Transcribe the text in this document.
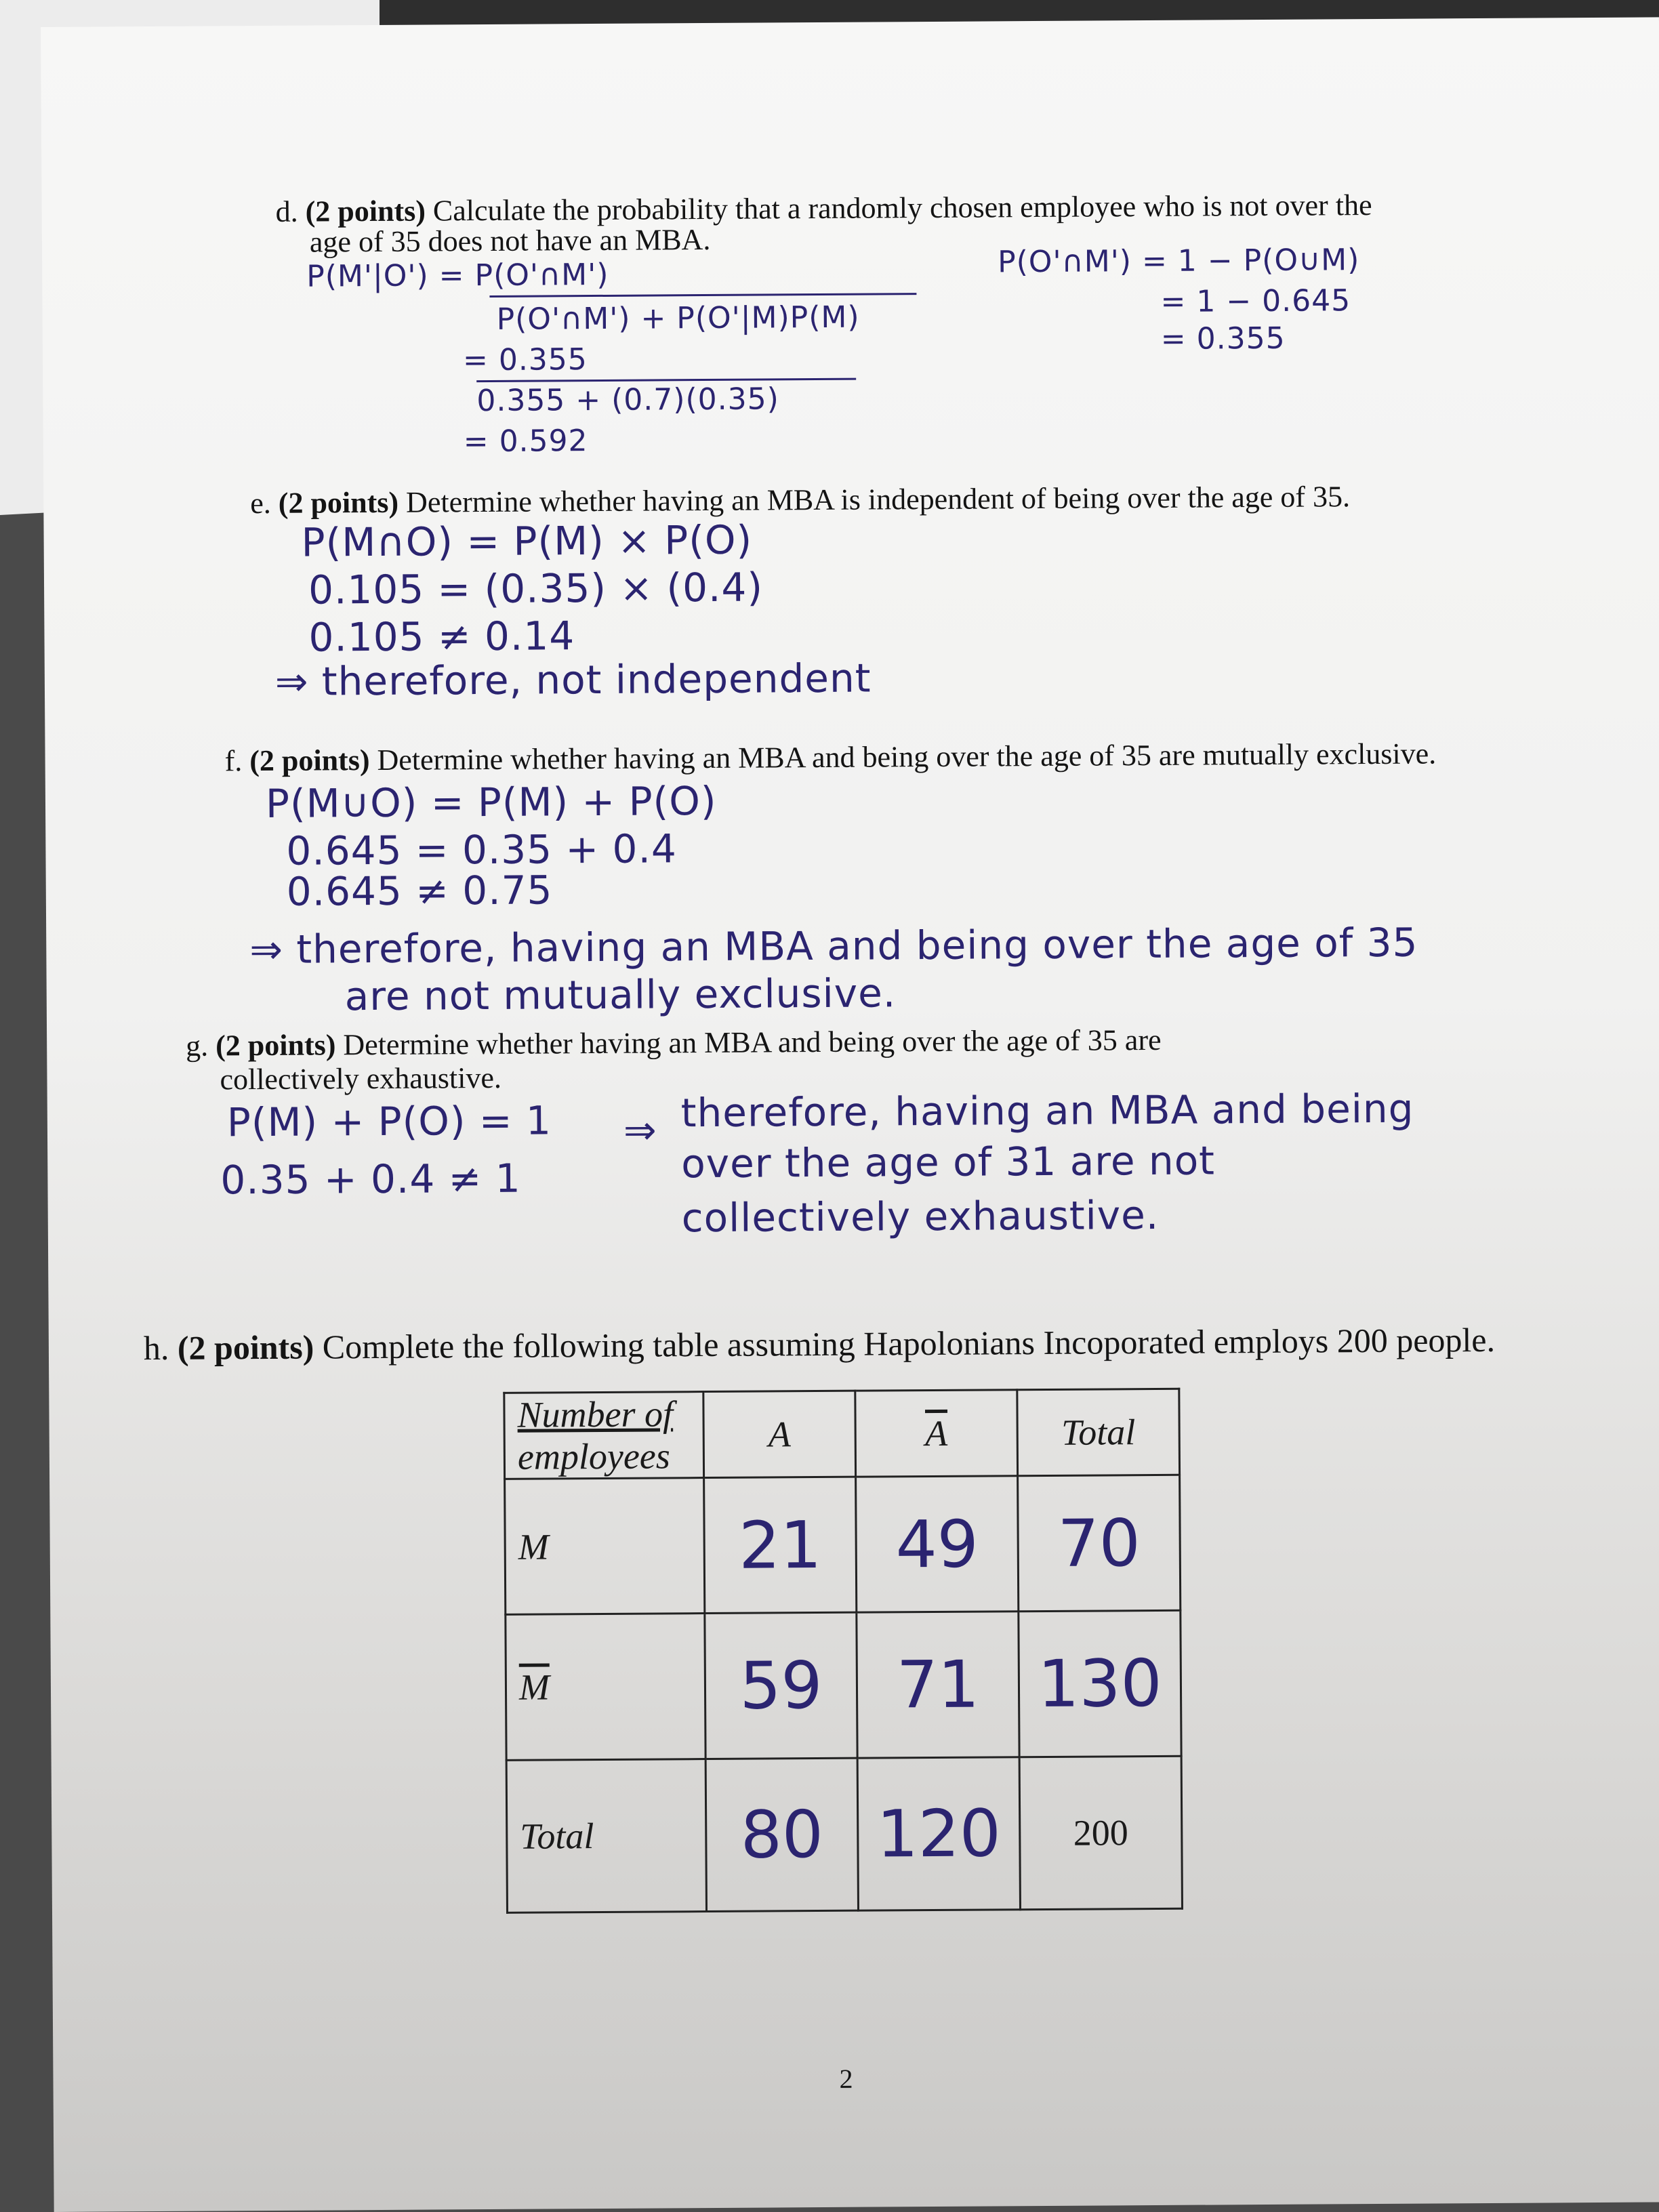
d. (2 points) Calculate the probability that a randomly chosen employee who is not over the
age of 35 does not have an MBA.
P(M'|O') = P(O'∩M')
P(O'∩M') + P(O'|M)P(M)
= 0.355
0.355 + (0.7)(0.35)
= 0.592
P(O'∩M') = 1 − P(O∪M)
= 1 − 0.645
= 0.355
e. (2 points) Determine whether having an MBA is independent of being over the age of 35.
P(M∩O) = P(M) × P(O)
0.105 = (0.35) × (0.4)
0.105 ≠ 0.14
⇒ therefore, not independent
f. (2 points) Determine whether having an MBA and being over the age of 35 are mutually exclusive.
P(M∪O) = P(M) + P(O)
0.645 = 0.35 + 0.4
0.645 ≠ 0.75
⇒ therefore, having an MBA and being over the age of 35
are not mutually exclusive.
g. (2 points) Determine whether having an MBA and being over the age of 35 are
collectively exhaustive.
P(M) + P(O) = 1
0.35 + 0.4 ≠ 1
⇒ therefore, having an MBA and being
over the age of 31 are not
collectively exhaustive.
h. (2 points) Complete the following table assuming Hapolonians Incoporated employs 200 people.
Number of
employees	A	$\overline{A}$	Total
M	21	49	70
$\overline{M}$	59	71	130
Total	80	120	200
2
